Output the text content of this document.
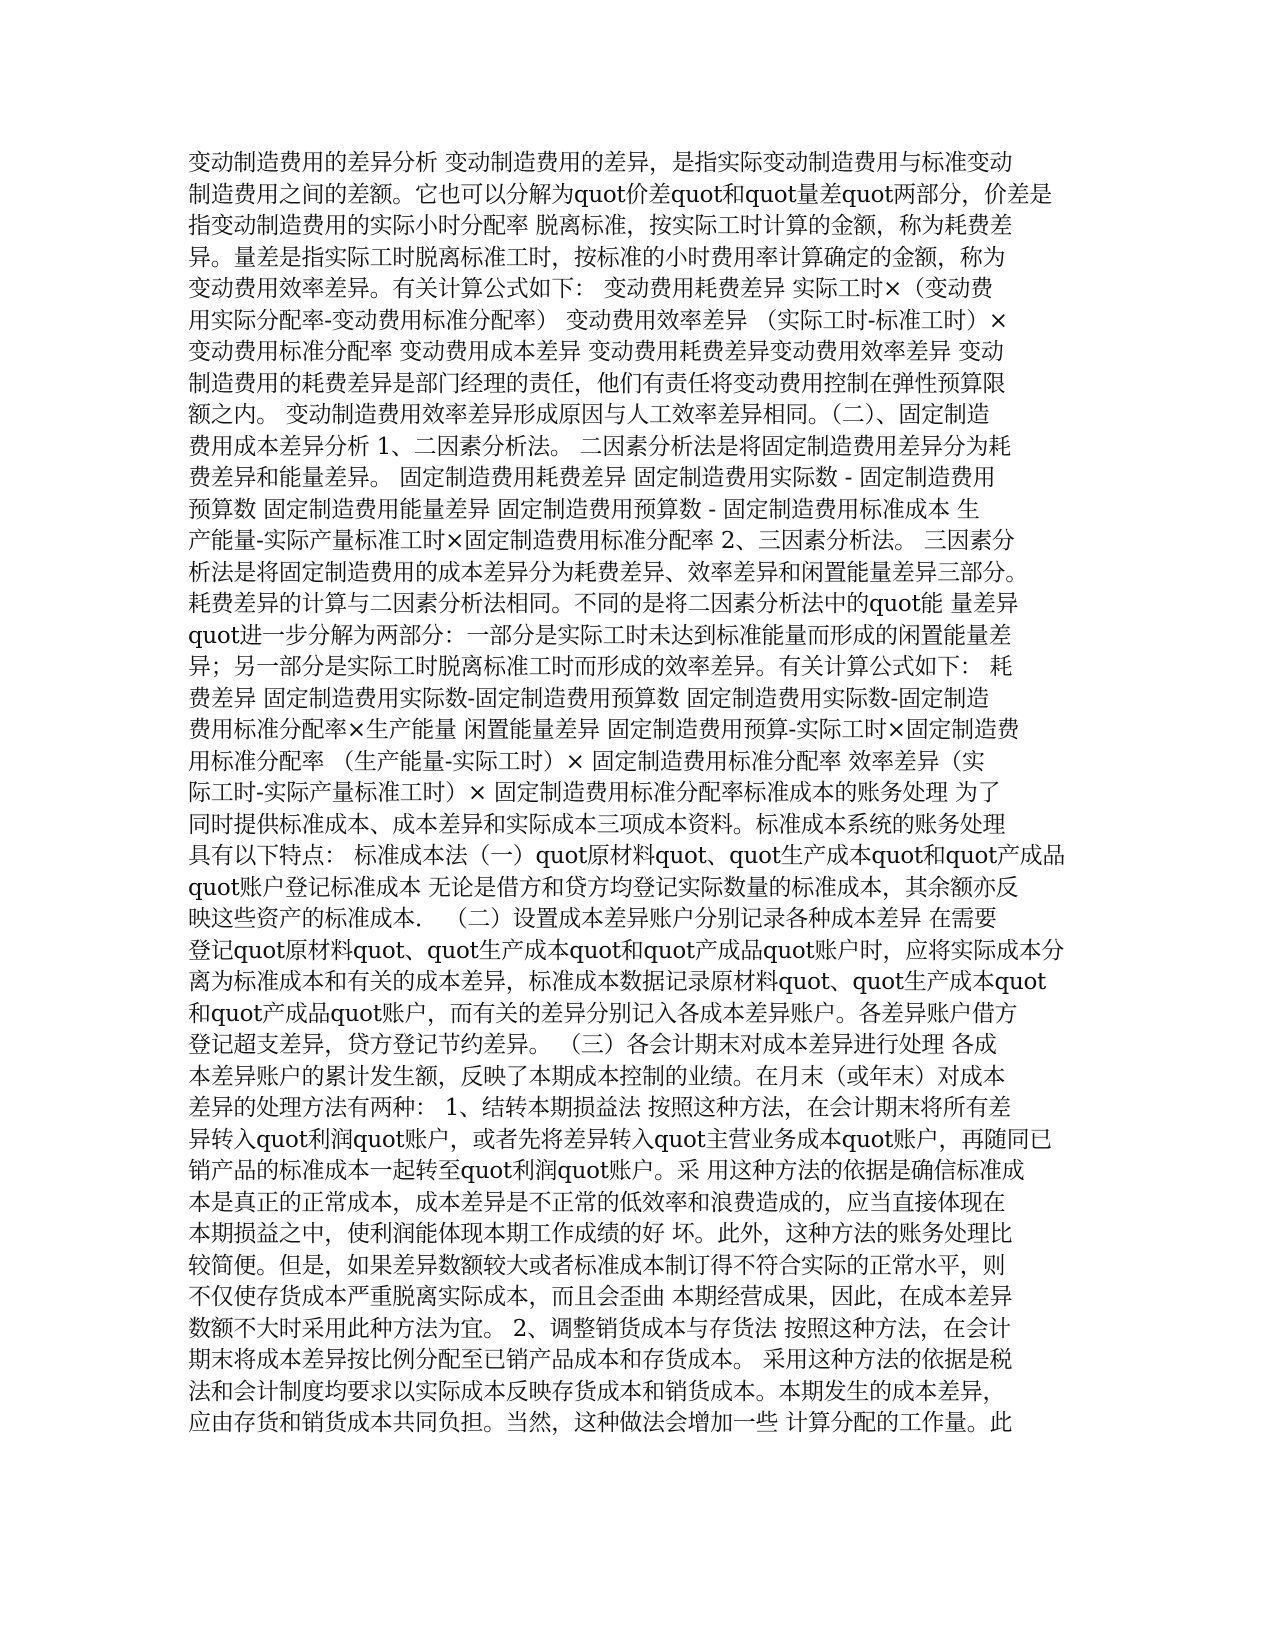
变动制造费用的差异分析 变动制造费用的差异，是指实际变动制造费用与标准变动
制造费用之间的差额。它也可以分解为quot价差quot和quot量差quot两部分，价差是
指变动制造费用的实际小时分配率 脱离标准，按实际工时计算的金额，称为耗费差
异。量差是指实际工时脱离标准工时，按标准的小时费用率计算确定的金额，称为
变动费用效率差异。有关计算公式如下： 变动费用耗费差异 实际工时×（变动费
用实际分配率-变动费用标准分配率） 变动费用效率差异 （实际工时-标准工时）×
变动费用标准分配率 变动费用成本差异 变动费用耗费差异变动费用效率差异 变动
制造费用的耗费差异是部门经理的责任，他们有责任将变动费用控制在弹性预算限
额之内。 变动制造费用效率差异形成原因与人工效率差异相同。（二）、固定制造
费用成本差异分析 1、二因素分析法。 二因素分析法是将固定制造费用差异分为耗
费差异和能量差异。 固定制造费用耗费差异 固定制造费用实际数 - 固定制造费用
预算数 固定制造费用能量差异 固定制造费用预算数 - 固定制造费用标准成本 生
产能量-实际产量标准工时×固定制造费用标准分配率 2、三因素分析法。 三因素分
析法是将固定制造费用的成本差异分为耗费差异、效率差异和闲置能量差异三部分。
耗费差异的计算与二因素分析法相同。不同的是将二因素分析法中的quot能 量差异
quot进一步分解为两部分：一部分是实际工时未达到标准能量而形成的闲置能量差
异；另一部分是实际工时脱离标准工时而形成的效率差异。有关计算公式如下： 耗
费差异 固定制造费用实际数-固定制造费用预算数 固定制造费用实际数-固定制造
费用标准分配率×生产能量 闲置能量差异 固定制造费用预算-实际工时×固定制造费
用标准分配率 （生产能量-实际工时）× 固定制造费用标准分配率 效率差异（实
际工时-实际产量标准工时）× 固定制造费用标准分配率标准成本的账务处理 为了
同时提供标准成本、成本差异和实际成本三项成本资料。标准成本系统的账务处理
具有以下特点： 标准成本法（一）quot原材料quot、quot生产成本quot和quot产成品
quot账户登记标准成本 无论是借方和贷方均登记实际数量的标准成本，其余额亦反
映这些资产的标准成本． （二）设置成本差异账户分别记录各种成本差异 在需要
登记quot原材料quot、quot生产成本quot和quot产成品quot账户时，应将实际成本分
离为标准成本和有关的成本差异，标准成本数据记录原材料quot、quot生产成本quot
和quot产成品quot账户，而有关的差异分别记入各成本差异账户。各差异账户借方
登记超支差异，贷方登记节约差异。 （三）各会计期末对成本差异进行处理 各成
本差异账户的累计发生额，反映了本期成本控制的业绩。在月末（或年末）对成本
差异的处理方法有两种： 1、结转本期损益法 按照这种方法，在会计期末将所有差
异转入quot利润quot账户，或者先将差异转入quot主营业务成本quot账户，再随同已
销产品的标准成本一起转至quot利润quot账户。采 用这种方法的依据是确信标准成
本是真正的正常成本，成本差异是不正常的低效率和浪费造成的，应当直接体现在
本期损益之中，使利润能体现本期工作成绩的好 坏。此外，这种方法的账务处理比
较简便。但是，如果差异数额较大或者标准成本制订得不符合实际的正常水平，则
不仅使存货成本严重脱离实际成本，而且会歪曲 本期经营成果，因此，在成本差异
数额不大时采用此种方法为宜。 2、调整销货成本与存货法 按照这种方法，在会计
期末将成本差异按比例分配至已销产品成本和存货成本。 采用这种方法的依据是税
法和会计制度均要求以实际成本反映存货成本和销货成本。本期发生的成本差异，
应由存货和销货成本共同负担。当然，这种做法会增加一些 计算分配的工作量。此
